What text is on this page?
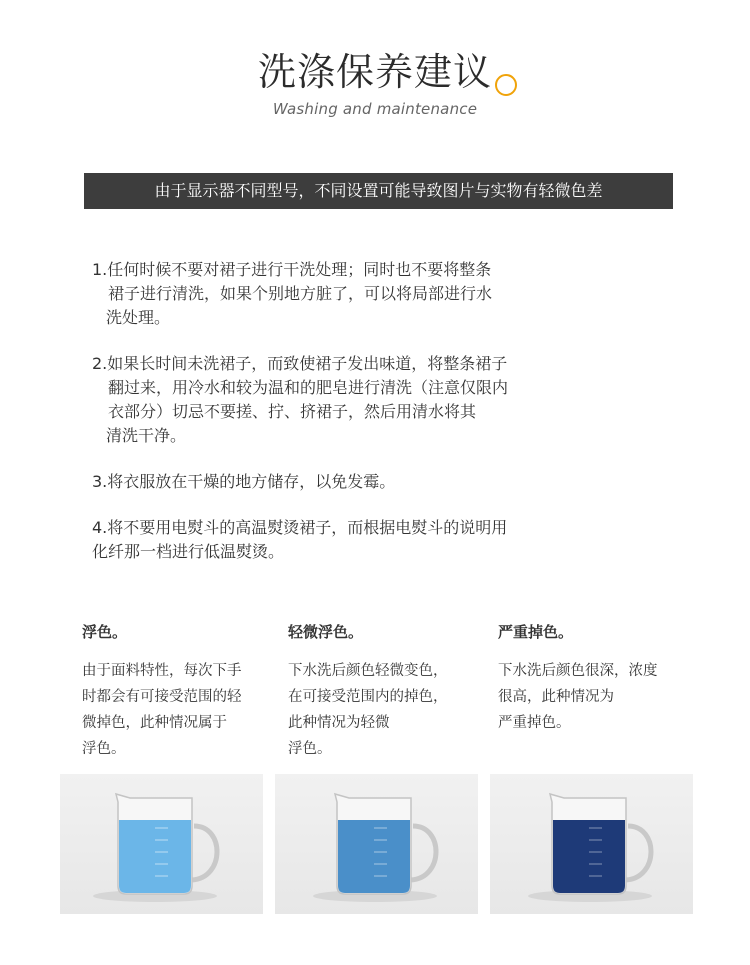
洗涤保养建议
Washing and maintenance
由于显示器不同型号，不同设置可能导致图片与实物有轻微色差
1.任何时候不要对裙子进行干洗处理；同时也不要将整条
裙子进行清洗，如果个别地方脏了，可以将局部进行水
洗处理。
2.如果长时间未洗裙子，而致使裙子发出味道，将整条裙子
翻过来，用冷水和较为温和的肥皂进行清洗（注意仅限内
衣部分）切忌不要搓、拧、挤裙子，然后用清水将其
清洗干净。
3.将衣服放在干燥的地方储存，以免发霉。
4.将不要用电熨斗的高温熨烫裙子，而根据电熨斗的说明用
化纤那一档进行低温熨烫。
浮色。
由于面料特性，每次下手
时都会有可接受范围的轻
微掉色，此种情况属于
浮色。
轻微浮色。
下水洗后颜色轻微变色，
在可接受范围内的掉色，
此种情况为轻微
浮色。
严重掉色。
下水洗后颜色很深，浓度
很高，此种情况为
严重掉色。
